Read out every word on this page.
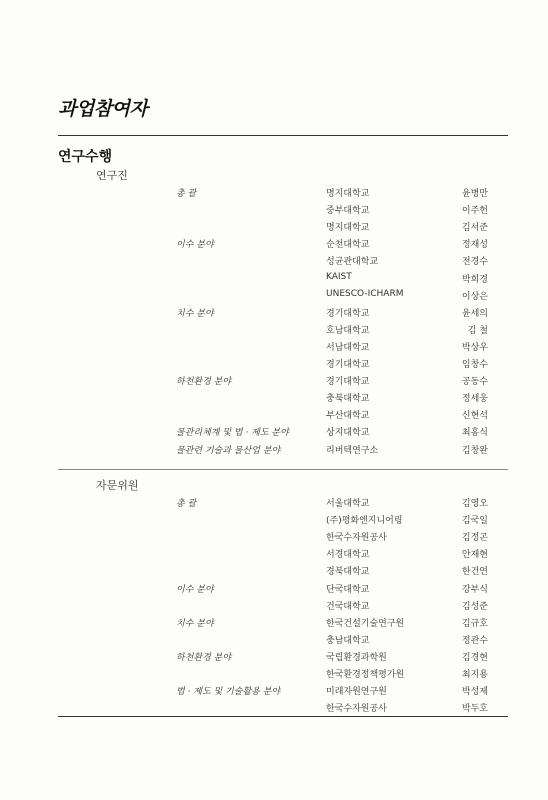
과업참여자
연구수행
연구진
총 괄	명지대학교	윤병만
중부대학교	이주헌
명지대학교	김서준
이수 분야	순천대학교	정재성
성균관대학교	전경수
KAIST	박희경
UNESCO-ICHARM	이상은
치수 분야	경기대학교	윤세의
호남대학교	김 철
서남대학교	박상우
경기대학교	임창수
하천환경 분야	경기대학교	공동수
충북대학교	정세웅
부산대학교	신현석
물관리체계 및 법 · 제도 분야	상지대학교	최홍식
물관련 기술과 물산업 분야	리버텍연구소	김창완
자문위원
총 괄	서울대학교	김영오
(주)평화엔지니어링	김국일
한국수자원공사	김정곤
서경대학교	안재현
경북대학교	한건연
이수 분야	단국대학교	강부식
건국대학교	김성준
치수 분야	한국건설기술연구원	김규호
충남대학교	정관수
하천환경 분야	국립환경과학원	김경현
한국환경정책평가원	최지용
법 · 제도 및 기술활용 분야	미래자원연구원	박성제
한국수자원공사	박두호
